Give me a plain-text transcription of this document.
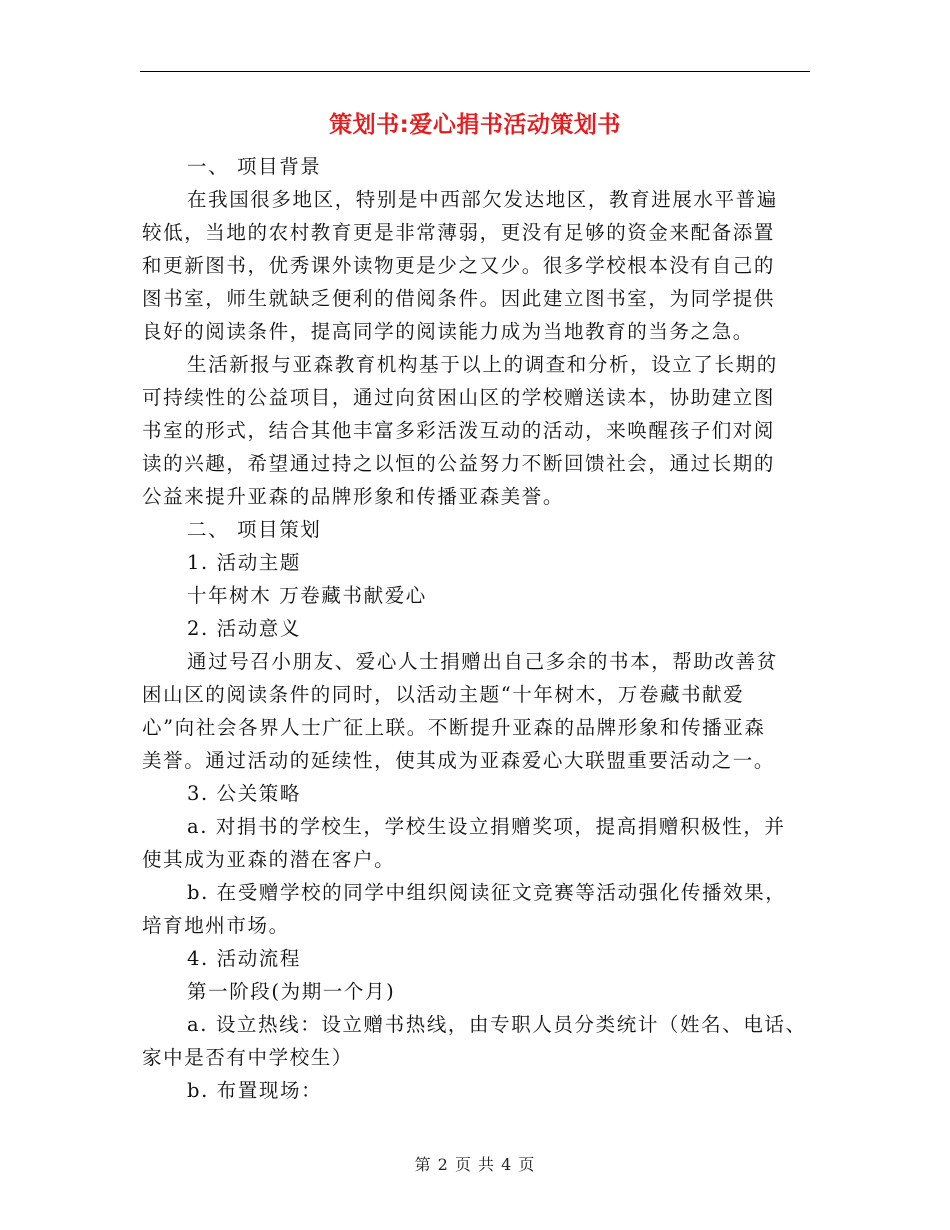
策划书:爱心捐书活动策划书

一、 项目背景

在我国很多地区，特别是中西部欠发达地区，教育进展水平普遍

较低，当地的农村教育更是非常薄弱，更没有足够的资金来配备添置

和更新图书，优秀课外读物更是少之又少。很多学校根本没有自己的

图书室，师生就缺乏便利的借阅条件。因此建立图书室，为同学提供

良好的阅读条件，提高同学的阅读能力成为当地教育的当务之急。

生活新报与亚森教育机构基于以上的调查和分析，设立了长期的

可持续性的公益项目，通过向贫困山区的学校赠送读本，协助建立图

书室的形式，结合其他丰富多彩活泼互动的活动，来唤醒孩子们对阅

读的兴趣，希望通过持之以恒的公益努力不断回馈社会，通过长期的

公益来提升亚森的品牌形象和传播亚森美誉。

二、 项目策划

1. 活动主题

十年树木 万卷藏书献爱心

2. 活动意义

通过号召小朋友、爱心人士捐赠出自己多余的书本，帮助改善贫

困山区的阅读条件的同时，以活动主题“十年树木，万卷藏书献爱

心”向社会各界人士广征上联。不断提升亚森的品牌形象和传播亚森

美誉。通过活动的延续性，使其成为亚森爱心大联盟重要活动之一。

3. 公关策略

a. 对捐书的学校生，学校生设立捐赠奖项，提高捐赠积极性，并

使其成为亚森的潜在客户。

b. 在受赠学校的同学中组织阅读征文竞赛等活动强化传播效果，

培育地州市场。

4. 活动流程

第一阶段(为期一个月)

a. 设立热线：设立赠书热线，由专职人员分类统计（姓名、电话、

家中是否有中学校生）

b. 布置现场：

第 2 页 共 4 页
